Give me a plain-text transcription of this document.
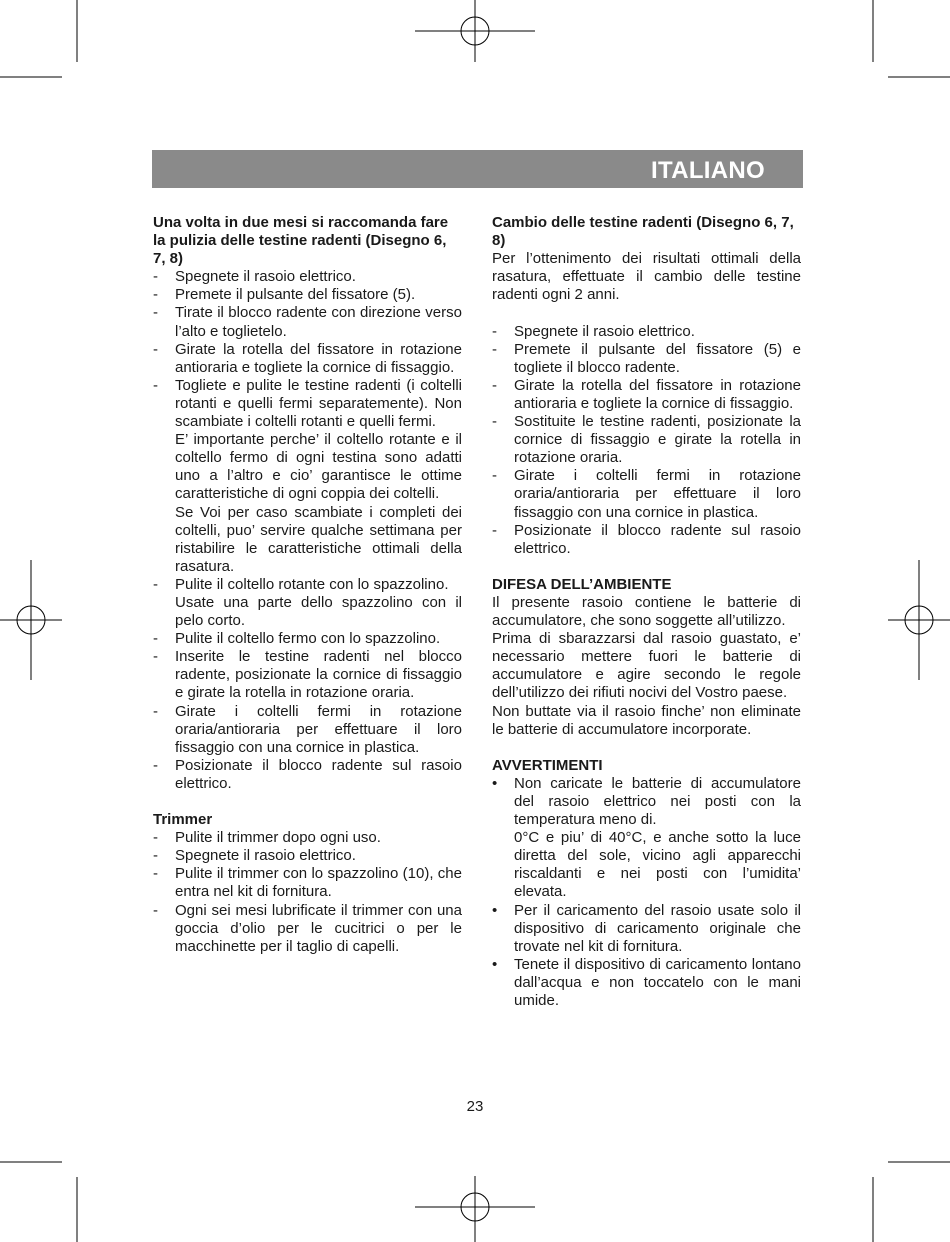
ITALIANO
Una volta in due mesi si raccomanda fare la pulizia delle testine radenti (Disegno 6, 7, 8)
- Spegnete il rasoio elettrico.
- Premete il pulsante del fissatore (5).
- Tirate il blocco radente con direzione verso l’alto e toglietelo.
- Girate la rotella del fissatore in rotazione antioraria e togliete la cornice di fissaggio.
- Togliete e pulite le testine radenti (i coltelli rotanti e quelli fermi separatemente). Non scambiate i coltelli rotanti e quelli fermi.
E’ importante perche’ il coltello rotante e il coltello fermo di ogni testina sono adatti uno a l’altro e cio’ garantisce le ottime caratteristiche di ogni coppia dei coltelli.
Se Voi per caso scambiate i completi dei coltelli, puo’ servire qualche settimana per ristabilire le caratteristiche ottimali della rasatura.
- Pulite il coltello rotante con lo spazzolino.
Usate una parte dello spazzolino con il pelo corto.
- Pulite il coltello fermo con lo spazzolino.
- Inserite le testine radenti nel blocco radente, posizionate la cornice di fissaggio e girate la rotella in rotazione oraria.
- Girate i coltelli fermi in rotazione oraria/antioraria per effettuare il loro fissaggio con una cornice in plastica.
- Posizionate il blocco radente sul rasoio elettrico.
Trimmer
- Pulite il trimmer dopo ogni uso.
- Spegnete il rasoio elettrico.
- Pulite il trimmer con lo spazzolino (10), che entra nel kit di fornitura.
- Ogni sei mesi lubrificate il trimmer con una goccia d’olio per le cucitrici o per le macchinette per il taglio di capelli.
Cambio delle testine radenti (Disegno 6, 7, 8)
Per l’ottenimento dei risultati ottimali della rasatura, effettuate il cambio delle testine radenti ogni 2 anni.
- Spegnete il rasoio elettrico.
- Premete il pulsante del fissatore (5) e togliete il blocco radente.
- Girate la rotella del fissatore in rotazione antioraria e togliete la cornice di fissaggio.
- Sostituite le testine radenti, posizionate la cornice di fissaggio e girate la rotella in rotazione oraria.
- Girate i coltelli fermi in rotazione oraria/antioraria per effettuare il loro fissaggio con una cornice in plastica.
- Posizionate il blocco radente sul rasoio elettrico.
DIFESA DELL’AMBIENTE
Il presente rasoio contiene le batterie di accumulatore, che sono soggette all’utilizzo.
Prima di sbarazzarsi dal rasoio guastato, e’ necessario mettere fuori le batterie di accumulatore e agire secondo le regole dell’utilizzo dei rifiuti nocivi del Vostro paese.
Non buttate via il rasoio finche’ non eliminate le batterie di accumulatore incorporate.
AVVERTIMENTI
• Non caricate le batterie di accumulatore del rasoio elettrico nei posti con la temperatura meno di.
0°C e piu’ di 40°C, e anche sotto la luce diretta del sole, vicino agli apparecchi riscaldanti e nei posti con l’umidita’ elevata.
• Per il caricamento del rasoio usate solo il dispositivo di caricamento originale che trovate nel kit di fornitura.
• Tenete il dispositivo di caricamento lontano dall’acqua e non toccatelo con le mani umide.
23
